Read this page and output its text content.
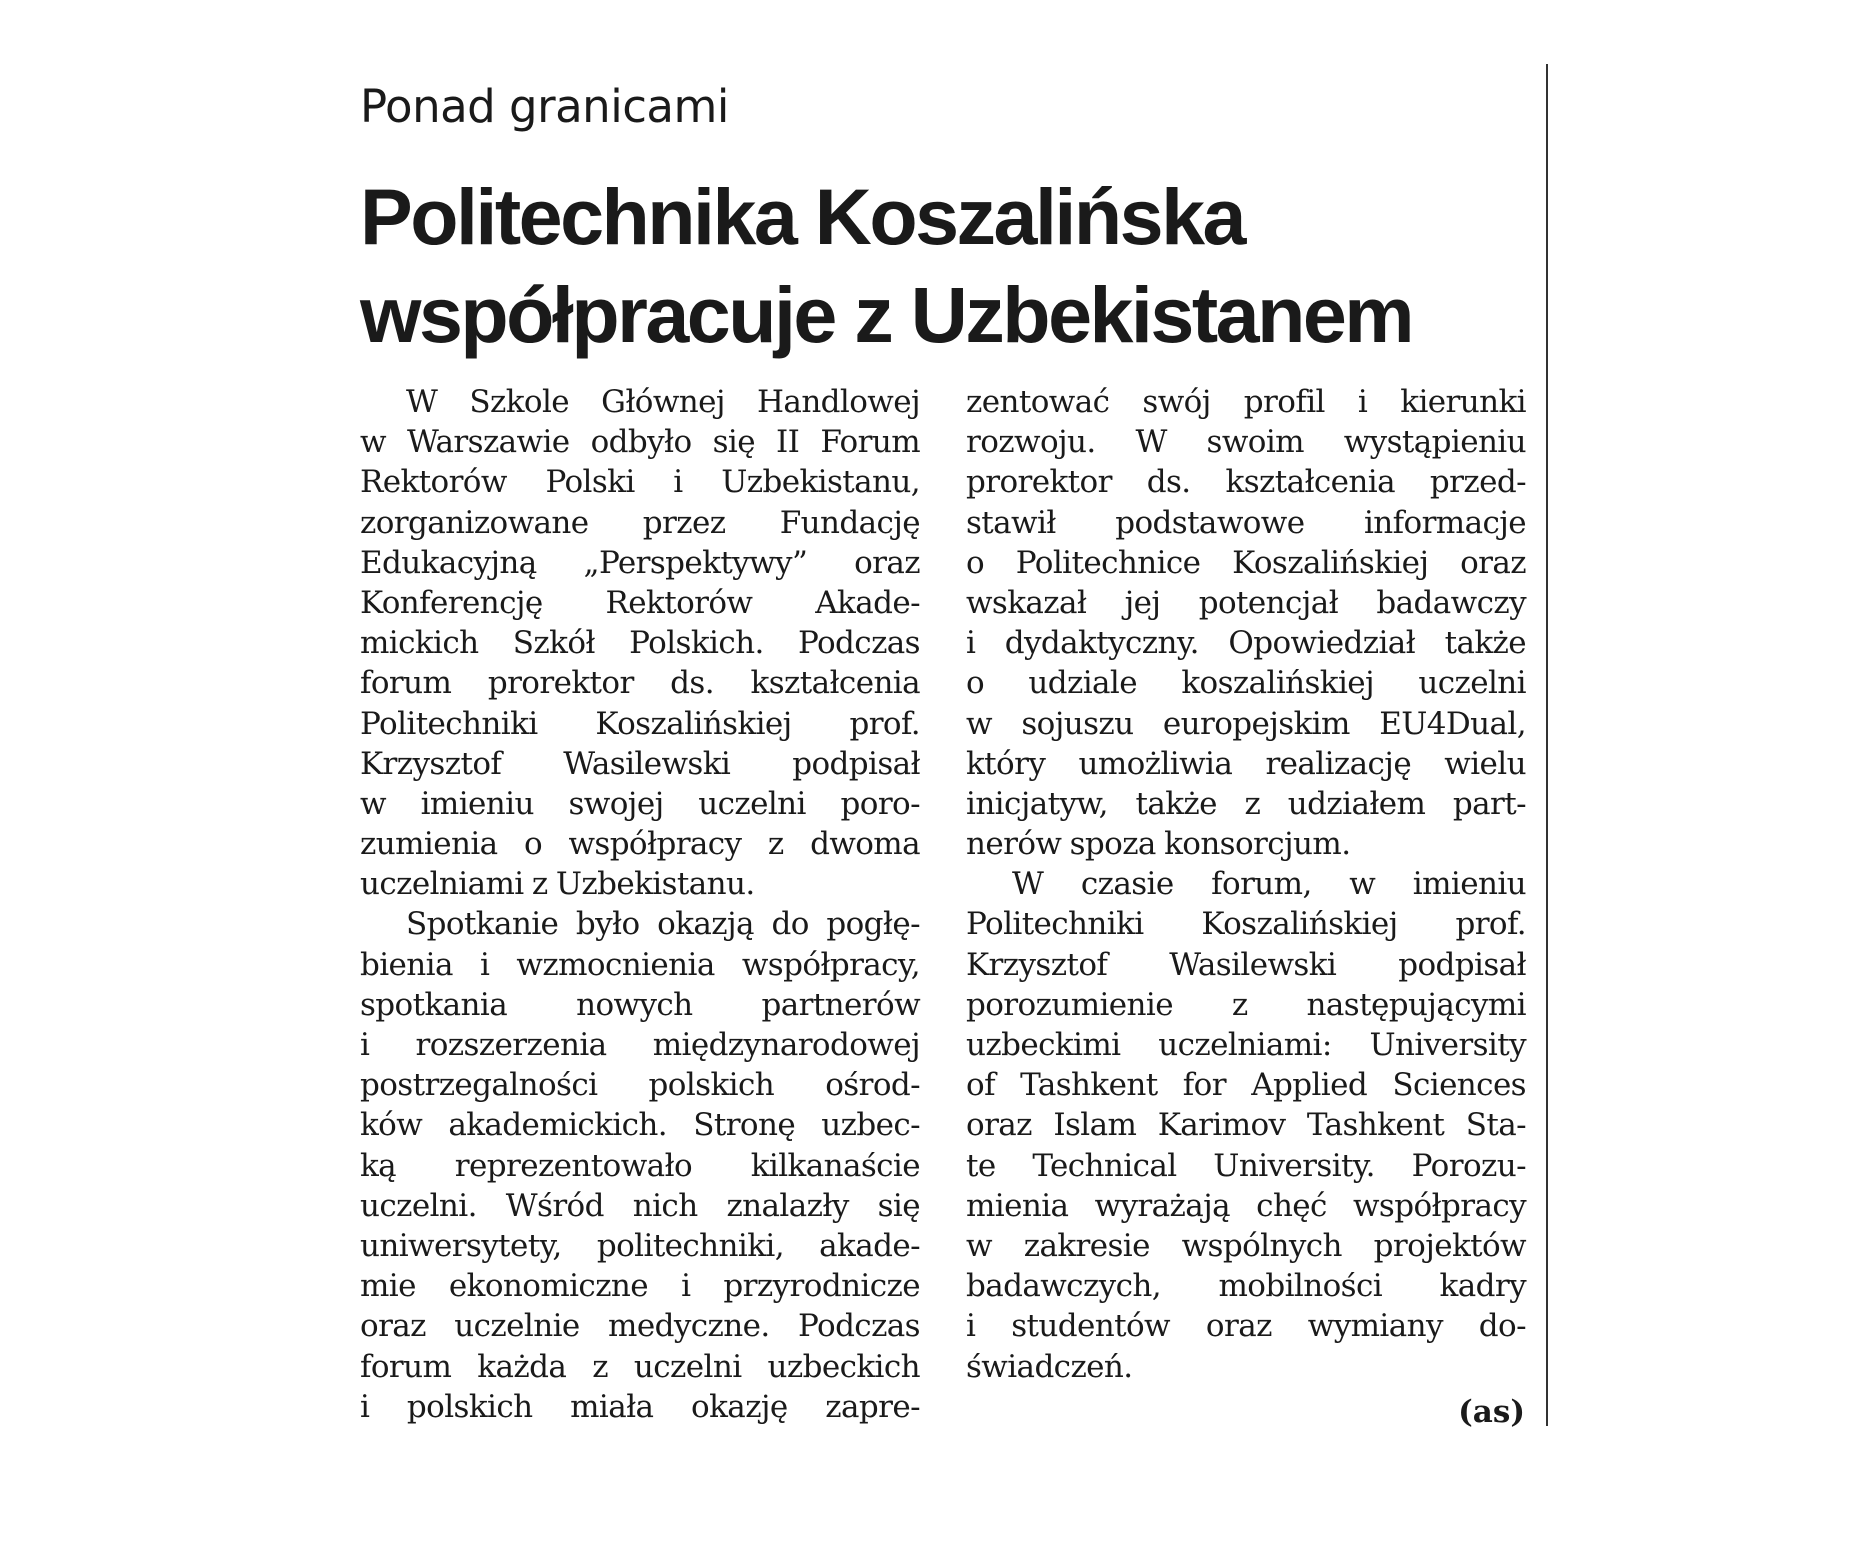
Ponad granicami

Politechnika Koszalińska
współpracuje z Uzbekistanem
W Szkole Głównej Handlowej
w Warszawie odbyło się II Forum
Rektorów Polski i Uzbekistanu,
zorganizowane przez Fundację
Edukacyjną „Perspektywy” oraz
Konferencję Rektorów Akade-
mickich Szkół Polskich. Podczas
forum prorektor ds. kształcenia
Politechniki Koszalińskiej prof.
Krzysztof Wasilewski podpisał
w imieniu swojej uczelni poro-
zumienia o współpracy z dwoma
uczelniami z Uzbekistanu.
Spotkanie było okazją do pogłę-
bienia i wzmocnienia współpracy,
spotkania nowych partnerów
i rozszerzenia międzynarodowej
postrzegalności polskich ośrod-
ków akademickich. Stronę uzbec-
ką reprezentowało kilkanaście
uczelni. Wśród nich znalazły się
uniwersytety, politechniki, akade-
mie ekonomiczne i przyrodnicze
oraz uczelnie medyczne. Podczas
forum każda z uczelni uzbeckich
i polskich miała okazję zapre-
zentować swój profil i kierunki
rozwoju. W swoim wystąpieniu
prorektor ds. kształcenia przed-
stawił podstawowe informacje
o Politechnice Koszalińskiej oraz
wskazał jej potencjał badawczy
i dydaktyczny. Opowiedział także
o udziale koszalińskiej uczelni
w sojuszu europejskim EU4Dual,
który umożliwia realizację wielu
inicjatyw, także z udziałem part-
nerów spoza konsorcjum.
W czasie forum, w imieniu
Politechniki Koszalińskiej prof.
Krzysztof Wasilewski podpisał
porozumienie z następującymi
uzbeckimi uczelniami: University
of Tashkent for Applied Sciences
oraz Islam Karimov Tashkent Sta-
te Technical University. Porozu-
mienia wyrażają chęć współpracy
w zakresie wspólnych projektów
badawczych, mobilności kadry
i studentów oraz wymiany do-
świadczeń.

(as)
